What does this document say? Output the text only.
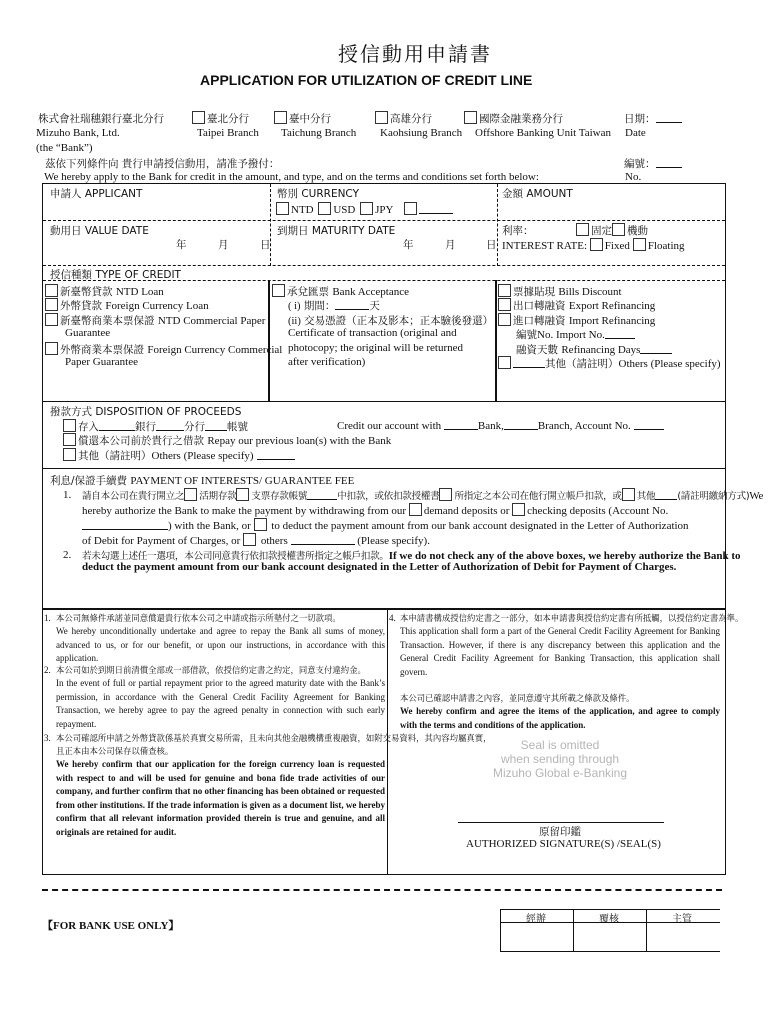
授信動用申請書
APPLICATION FOR UTILIZATION OF CREDIT LINE
株式會社瑞穗銀行臺北分行
Mizuho Bank, Ltd.
(the “Bank”)
臺北分行
Taipei Branch
臺中分行
Taichung Branch
高雄分行
Kaohsiung Branch
國際金融業務分行
Offshore Banking Unit Taiwan
日期：
Date
茲依下列條件向 貴行申請授信動用，請准予撥付：
We hereby apply to the Bank for credit in the amount, and type, and on the terms and conditions set forth below:
編號：
No.
申請人 APPLICANT	幣別 CURRENCY
NTD USD JPY
金額 AMOUNT
動用日 VALUE DATE
年	月	日
到期日 MATURITY DATE
年	月	日
利率：	固定 機動
INTEREST RATE: Fixed Floating
授信種類 TYPE OF CREDIT
新臺幣貸款 NTD Loan
外幣貸款 Foreign Currency Loan
新臺幣商業本票保證 NTD Commercial Paper
Guarantee
外幣商業本票保證 Foreign Currency Commercial
Paper Guarantee
承兌匯票 Bank Acceptance
( i) 期間：	天
(ii) 交易憑證（正本及影本；正本驗後發還）
Certificate of transaction (original and
photocopy; the original will be returned
after verification)
票據貼現 Bills Discount
出口轉融資 Export Refinancing
進口轉融資 Import Refinancing
編號No. Import No.
融資天數 Refinancing Days
其他（請註明）Others (Please specify)
撥款方式 DISPOSITION OF PROCEEDS
存入	銀行	分行 帳號	Credit our account with	Bank,	Branch, Account No.
償還本公司前於貴行之借款 Repay our previous loan(s) with the Bank
其他（請註明）Others (Please specify)
利息/保證手續費 PAYMENT OF INTERESTS/ GUARANTEE FEE
1. 請自本公司在貴行開立之 活期存款 支票存款帳號	中扣款，或依扣款授權書 所指定之本公司在他行開立帳戶扣款，或 其他 (請註明繳納方式)We
hereby authorize the Bank to make the payment by withdrawing from our demand deposits or checking deposits (Account No.
) with the Bank, or to deduct the payment amount from our bank account designated in the Letter of Authorization
of Debit for Payment of Charges, or others	(Please specify).
2. 若未勾選上述任一選項，本公司同意貴行依扣款授權書所指定之帳戶扣款。If we do not check any of the above boxes, we hereby authorize the Bank to
deduct the payment amount from our bank account designated in the Letter of Authorization of Debit for Payment of Charges.
1. 本公司無條件承諾並同意償還貴行依本公司之申請或指示所墊付之一切款項。
We hereby unconditionally undertake and agree to repay the Bank all sums of money, advanced to us, or for our benefit, or upon our instructions, in accordance with this application.
2. 本公司如於到期日前清償全部或一部借款，依授信約定書之約定，同意支付違約金。
In the event of full or partial repayment prior to the agreed maturity date with the Bank’s permission, in accordance with the General Credit Facility Agreement for Banking Transaction, we hereby agree to pay the agreed penalty in connection with such early repayment.
3. 本公司確認所申請之外幣貸款係基於真實交易所需，且未向其他金融機構重複融資，如附交易資料，其內容均屬真實，
且正本由本公司保存以備查核。
We hereby confirm that our application for the foreign currency loan is requested with respect to and will be used for genuine and bona fide trade activities of our company, and further confirm that no other financing has been obtained or requested from other institutions. If the trade information is given as a document list, we hereby confirm that all relevant information provided therein is true and genuine, and all originals are retained for audit.
4. 本申請書構成授信約定書之一部分，如本申請書與授信約定書有所抵觸，以授信約定書為準。
This application shall form a part of the General Credit Facility Agreement for Banking Transaction. However, if there is any discrepancy between this application and the General Credit Facility Agreement for Banking Transaction, this application shall govern.
本公司已確認申請書之內容，並同意遵守其所載之條款及條件。
We hereby confirm and agree the items of the application, and agree to comply with the terms and conditions of the application.
Seal is omitted
when sending through
Mizuho Global e-Banking
原留印鑑
AUTHORIZED SIGNATURE(S) /SEAL(S)
【FOR BANK USE ONLY】
經辦	覆核	主管
